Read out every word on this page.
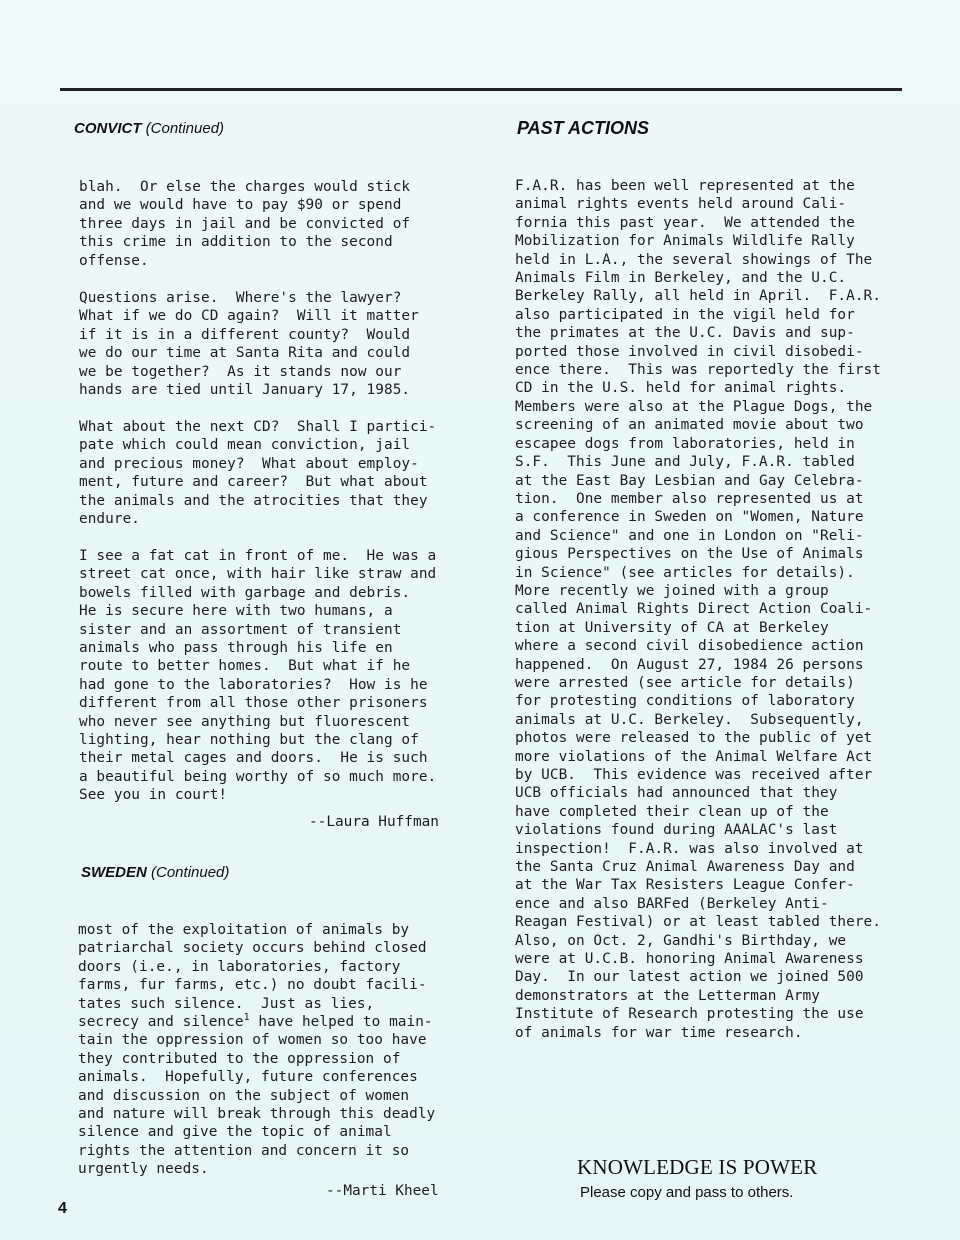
CONVICT (Continued)
blah.  Or else the charges would stick
and we would have to pay $90 or spend
three days in jail and be convicted of
this crime in addition to the second
offense.
Questions arise.  Where's the lawyer?
What if we do CD again?  Will it matter
if it is in a different county?  Would
we do our time at Santa Rita and could
we be together?  As it stands now our
hands are tied until January 17, 1985.
What about the next CD?  Shall I partici-
pate which could mean conviction, jail
and precious money?  What about employ-
ment, future and career?  But what about
the animals and the atrocities that they
endure.
I see a fat cat in front of me.  He was a
street cat once, with hair like straw and
bowels filled with garbage and debris.
He is secure here with two humans, a
sister and an assortment of transient
animals who pass through his life en
route to better homes.  But what if he
had gone to the laboratories?  How is he
different from all those other prisoners
who never see anything but fluorescent
lighting, hear nothing but the clang of
their metal cages and doors.  He is such
a beautiful being worthy of so much more.
See you in court!
--Laura Huffman
SWEDEN (Continued)
most of the exploitation of animals by
patriarchal society occurs behind closed
doors (i.e., in laboratories, factory
farms, fur farms, etc.) no doubt facili-
tates such silence.  Just as lies,
secrecy and silence$^1$ have helped to main-
tain the oppression of women so too have
they contributed to the oppression of
animals.  Hopefully, future conferences
and discussion on the subject of women
and nature will break through this deadly
silence and give the topic of animal
rights the attention and concern it so
urgently needs.
--Marti Kheel
PAST ACTIONS
F.A.R. has been well represented at the
animal rights events held around Cali-
fornia this past year.  We attended the
Mobilization for Animals Wildlife Rally
held in L.A., the several showings of The
Animals Film in Berkeley, and the U.C.
Berkeley Rally, all held in April.  F.A.R.
also participated in the vigil held for
the primates at the U.C. Davis and sup-
ported those involved in civil disobedi-
ence there.  This was reportedly the first
CD in the U.S. held for animal rights.
Members were also at the Plague Dogs, the
screening of an animated movie about two
escapee dogs from laboratories, held in
S.F.  This June and July, F.A.R. tabled
at the East Bay Lesbian and Gay Celebra-
tion.  One member also represented us at
a conference in Sweden on "Women, Nature
and Science" and one in London on "Reli-
gious Perspectives on the Use of Animals
in Science" (see articles for details).
More recently we joined with a group
called Animal Rights Direct Action Coali-
tion at University of CA at Berkeley
where a second civil disobedience action
happened.  On August 27, 1984 26 persons
were arrested (see article for details)
for protesting conditions of laboratory
animals at U.C. Berkeley.  Subsequently,
photos were released to the public of yet
more violations of the Animal Welfare Act
by UCB.  This evidence was received after
UCB officials had announced that they
have completed their clean up of the
violations found during AAALAC's last
inspection!  F.A.R. was also involved at
the Santa Cruz Animal Awareness Day and
at the War Tax Resisters League Confer-
ence and also BARFed (Berkeley Anti-
Reagan Festival) or at least tabled there.
Also, on Oct. 2, Gandhi's Birthday, we
were at U.C.B. honoring Animal Awareness
Day.  In our latest action we joined 500
demonstrators at the Letterman Army
Institute of Research protesting the use
of animals for war time research.
KNOWLEDGE IS POWER
Please copy and pass to others.
4
